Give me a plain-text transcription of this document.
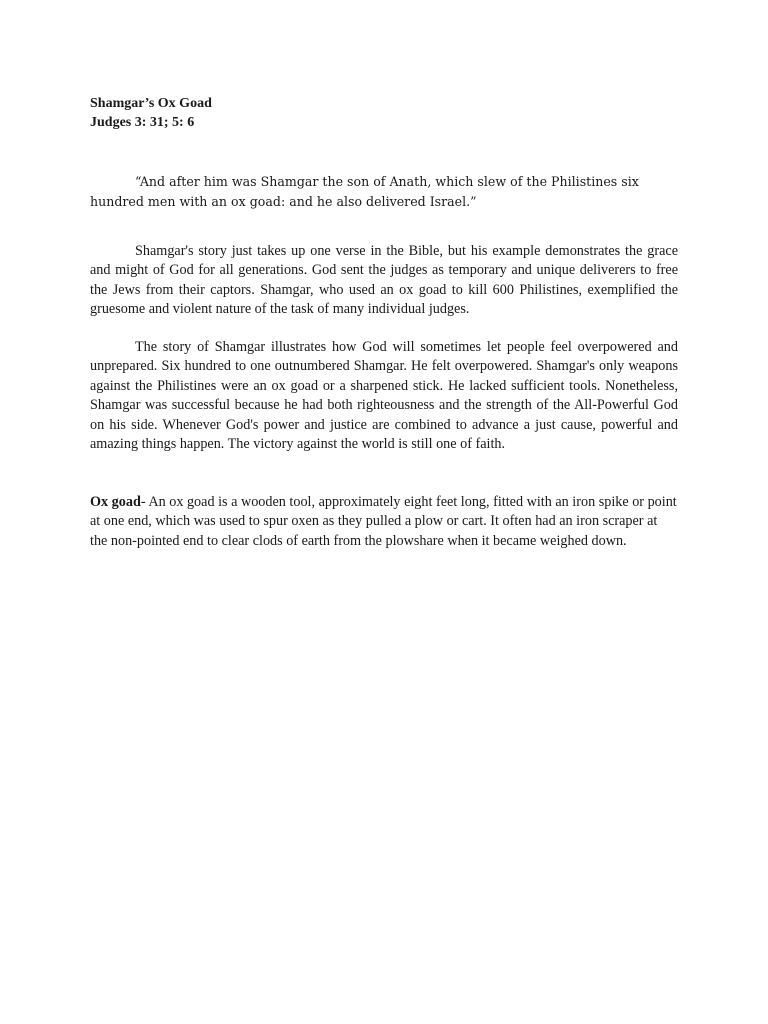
Shamgar’s Ox Goad

Judges 3: 31; 5: 6

“And after him was Shamgar the son of Anath, which slew of the Philistines six hundred men with an ox goad: and he also delivered Israel.”

Shamgar's story just takes up one verse in the Bible, but his example demonstrates the grace and might of God for all generations. God sent the judges as temporary and unique deliverers to free the Jews from their captors. Shamgar, who used an ox goad to kill 600 Philistines, exemplified the gruesome and violent nature of the task of many individual judges.

The story of Shamgar illustrates how God will sometimes let people feel overpowered and unprepared. Six hundred to one outnumbered Shamgar. He felt overpowered. Shamgar's only weapons against the Philistines were an ox goad or a sharpened stick. He lacked sufficient tools. Nonetheless, Shamgar was successful because he had both righteousness and the strength of the All-Powerful God on his side. Whenever God's power and justice are combined to advance a just cause, powerful and amazing things happen. The victory against the world is still one of faith.

Ox goad- An ox goad is a wooden tool, approximately eight feet long, fitted with an iron spike or point at one end, which was used to spur oxen as they pulled a plow or cart. It often had an iron scraper at the non-pointed end to clear clods of earth from the plowshare when it became weighed down.
